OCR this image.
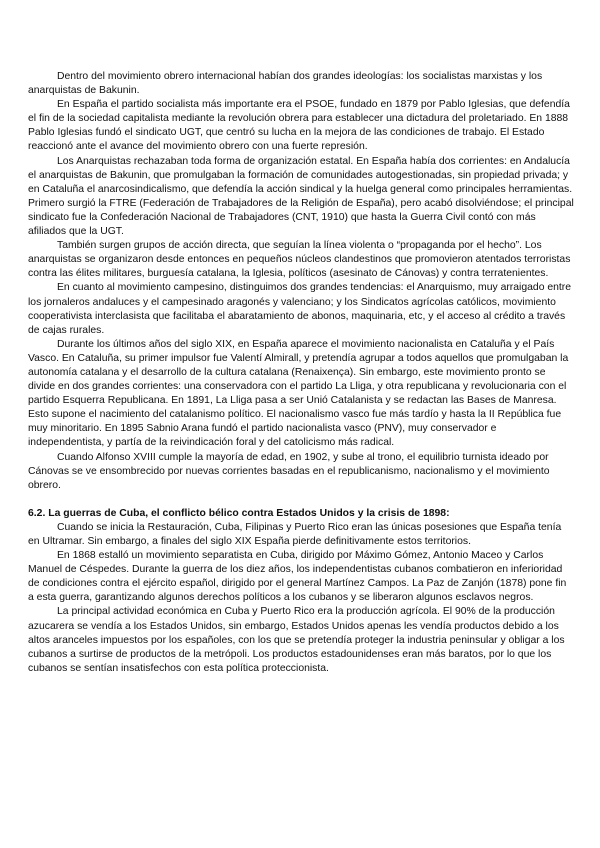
Dentro del movimiento obrero internacional habían dos grandes ideologías: los socialistas marxistas y los anarquistas de Bakunin.

En España el partido socialista más importante era el PSOE, fundado en 1879 por Pablo Iglesias, que defendía el fin de la sociedad capitalista mediante la revolución obrera para establecer una dictadura del proletariado. En 1888 Pablo Iglesias fundó el sindicato UGT, que centró su lucha en la mejora de las condiciones de trabajo. El Estado reaccionó ante el avance del movimiento obrero con una fuerte represión.

Los Anarquistas rechazaban toda forma de organización estatal. En España había dos corrientes: en Andalucía el anarquistas de Bakunin, que promulgaban la formación de comunidades autogestionadas, sin propiedad privada; y en Cataluña el anarcosindicalismo, que defendía la acción sindical y la huelga general como principales herramientas. Primero surgió la FTRE (Federación de Trabajadores de la Religión de España), pero acabó disolviéndose; el principal sindicato fue la Confederación Nacional de Trabajadores (CNT, 1910) que hasta la Guerra Civil contó con más afiliados que la UGT.

También surgen grupos de acción directa, que seguían la línea violenta o “propaganda por el hecho”. Los anarquistas se organizaron desde entonces en pequeños núcleos clandestinos que promovieron atentados terroristas contra las élites militares, burguesía catalana, la Iglesia, políticos (asesinato de Cánovas) y contra terratenientes.

En cuanto al movimiento campesino, distinguimos dos grandes tendencias: el Anarquismo, muy arraigado entre los jornaleros andaluces y el campesinado aragonés y valenciano; y los Sindicatos agrícolas católicos, movimiento cooperativista interclasista que facilitaba el abaratamiento de abonos, maquinaria, etc, y el acceso al crédito a través de cajas rurales.

Durante los últimos años del siglo XIX, en España aparece el movimiento nacionalista en Cataluña y el País Vasco. En Cataluña, su primer impulsor fue Valentí Almirall, y pretendía agrupar a todos aquellos que promulgaban la autonomía catalana y el desarrollo de la cultura catalana (Renaixença). Sin embargo, este movimiento pronto se divide en dos grandes corrientes: una conservadora con el partido La Lliga, y otra republicana y revolucionaria con el partido Esquerra Republicana. En 1891, La Lliga pasa a ser Unió Catalanista y se redactan las Bases de Manresa. Esto supone el nacimiento del catalanismo político. El nacionalismo vasco fue más tardío y hasta la II República fue muy minoritario. En 1895 Sabnio Arana fundó el partido nacionalista vasco (PNV), muy conservador e independentista, y partía de la reivindicación foral y del catolicismo más radical.

Cuando Alfonso XVIII cumple la mayoría de edad, en 1902, y sube al trono, el equilibrio turnista ideado por Cánovas se ve ensombrecido por nuevas corrientes basadas en el republicanismo, nacionalismo y el movimiento obrero.

6.2. La guerras de Cuba, el conflicto bélico contra Estados Unidos y la crisis de 1898:

Cuando se inicia la Restauración, Cuba, Filipinas y Puerto Rico eran las únicas posesiones que España tenía en Ultramar. Sin embargo, a finales del siglo XIX España pierde definitivamente estos territorios.

En 1868 estalló un movimiento separatista en Cuba, dirigido por Máximo Gómez, Antonio Maceo y Carlos Manuel de Céspedes. Durante la guerra de los diez años, los independentistas cubanos combatieron en inferioridad de condiciones contra el ejército español, dirigido por el general Martínez Campos. La Paz de Zanjón (1878) pone fin a esta guerra, garantizando algunos derechos políticos a los cubanos y se liberaron algunos esclavos negros.

La principal actividad económica en Cuba y Puerto Rico era la producción agrícola. El 90% de la producción azucarera se vendía a los Estados Unidos, sin embargo, Estados Unidos apenas les vendía productos debido a los altos aranceles impuestos por los españoles, con los que se pretendía proteger la industria peninsular y obligar a los cubanos a surtirse de productos de la metrópoli. Los productos estadounidenses eran más baratos, por lo que los cubanos se sentían insatisfechos con esta política proteccionista.
